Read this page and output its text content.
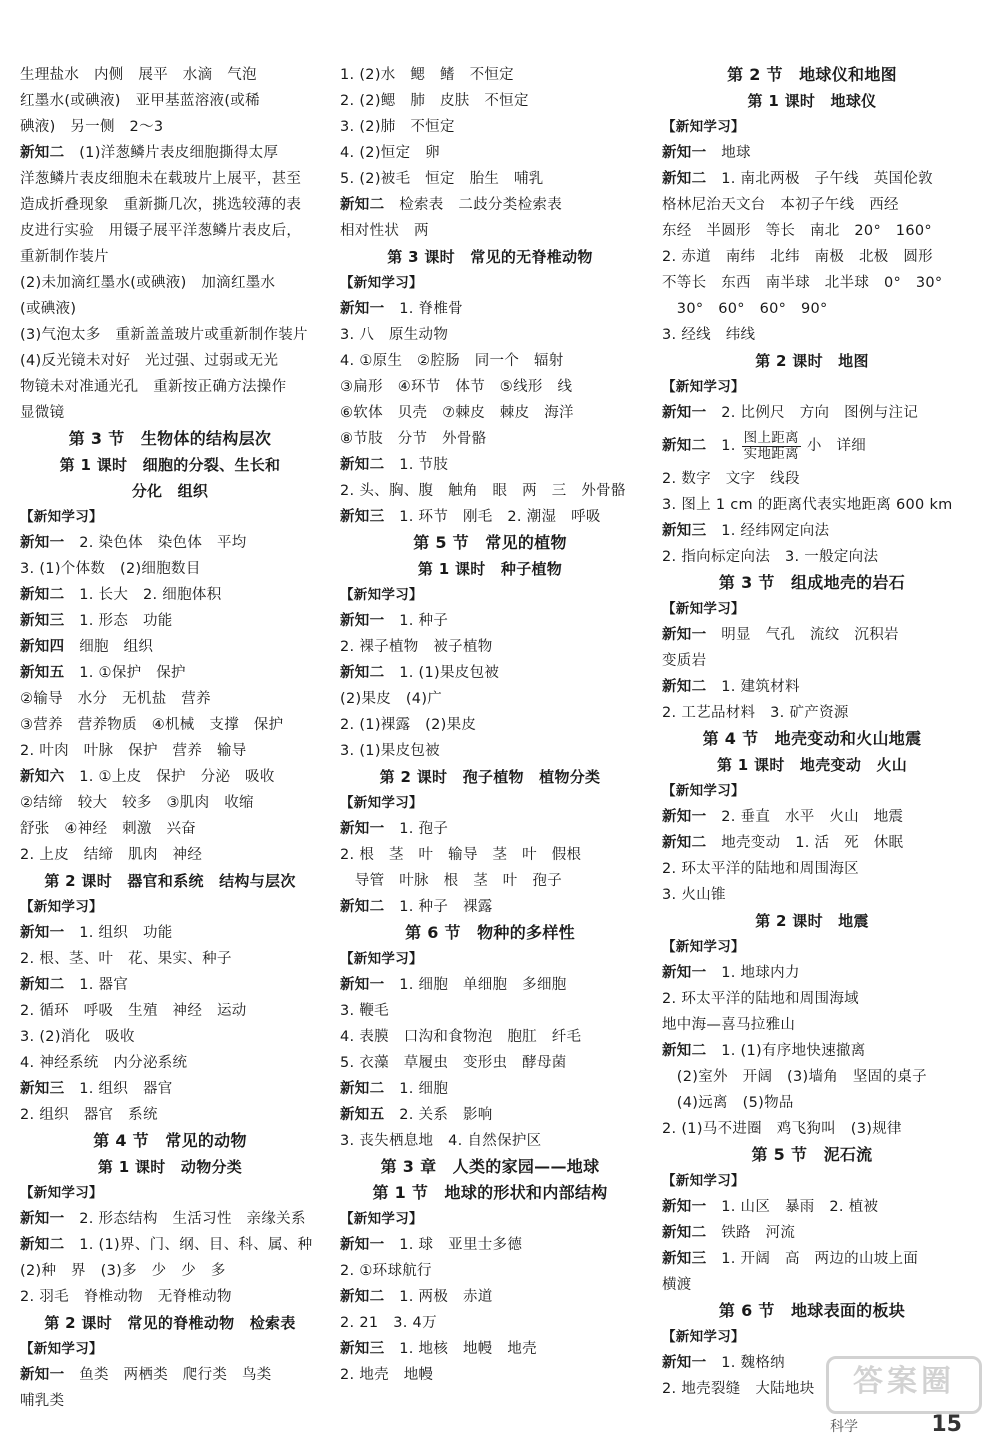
生理盐水　内侧　展平　水滴　气泡
红墨水(或碘液)　亚甲基蓝溶液(或稀
碘液)　另一侧　2～3
新知二　(1)洋葱鳞片表皮细胞撕得太厚
洋葱鳞片表皮细胞未在载玻片上展平，甚至
造成折叠现象　重新撕几次，挑选较薄的表
皮进行实验　用镊子展平洋葱鳞片表皮后，
重新制作装片
(2)未加滴红墨水(或碘液)　加滴红墨水
(或碘液)
(3)气泡太多　重新盖盖玻片或重新制作装片
(4)反光镜未对好　光过强、过弱或无光
物镜未对准通光孔　重新按正确方法操作
显微镜
第 3 节　生物体的结构层次
第 1 课时　细胞的分裂、生长和
分化　组织
【新知学习】
新知一　2. 染色体　染色体　平均
3. (1)个体数　(2)细胞数目
新知二　1. 长大　2. 细胞体积
新知三　1. 形态　功能
新知四　细胞　组织
新知五　1. ①保护　保护
②输导　水分　无机盐　营养
③营养　营养物质　④机械　支撑　保护
2. 叶肉　叶脉　保护　营养　输导
新知六　1. ①上皮　保护　分泌　吸收
②结缔　较大　较多　③肌肉　收缩
舒张　④神经　刺激　兴奋
2. 上皮　结缔　肌肉　神经
第 2 课时　器官和系统　结构与层次
【新知学习】
新知一　1. 组织　功能
2. 根、茎、叶　花、果实、种子
新知二　1. 器官
2. 循环　呼吸　生殖　神经　运动
3. (2)消化　吸收
4. 神经系统　内分泌系统
新知三　1. 组织　器官
2. 组织　器官　系统
第 4 节　常见的动物
第 1 课时　动物分类
【新知学习】
新知一　2. 形态结构　生活习性　亲缘关系
新知二　1. (1)界、门、纲、目、科、属、种
(2)种　界　(3)多　少　少　多
2. 羽毛　脊椎动物　无脊椎动物
第 2 课时　常见的脊椎动物　检索表
【新知学习】
新知一　鱼类　两栖类　爬行类　鸟类
哺乳类
1. (2)水　鳃　鳍　不恒定
2. (2)鳃　肺　皮肤　不恒定
3. (2)肺　不恒定
4. (2)恒定　卵
5. (2)被毛　恒定　胎生　哺乳
新知二　检索表　二歧分类检索表
相对性状　两
第 3 课时　常见的无脊椎动物
【新知学习】
新知一　1. 脊椎骨
3. 八　原生动物
4. ①原生　②腔肠　同一个　辐射
③扁形　④环节　体节　⑤线形　线
⑥软体　贝壳　⑦棘皮　棘皮　海洋
⑧节肢　分节　外骨骼
新知二　1. 节肢
2. 头、胸、腹　触角　眼　两　三　外骨骼
新知三　1. 环节　刚毛　2. 潮湿　呼吸
第 5 节　常见的植物
第 1 课时　种子植物
【新知学习】
新知一　1. 种子
2. 裸子植物　被子植物
新知二　1. (1)果皮包被
(2)果皮　(4)广
2. (1)裸露　(2)果皮
3. (1)果皮包被
第 2 课时　孢子植物　植物分类
【新知学习】
新知一　1. 孢子
2. 根　茎　叶　输导　茎　叶　假根
　导管　叶脉　根　茎　叶　孢子
新知二　1. 种子　裸露
第 6 节　物种的多样性
【新知学习】
新知一　1. 细胞　单细胞　多细胞
3. 鞭毛
4. 表膜　口沟和食物泡　胞肛　纤毛
5. 衣藻　草履虫　变形虫　酵母菌
新知二　1. 细胞
新知五　2. 关系　影响
3. 丧失栖息地　4. 自然保护区
第 3 章　人类的家园——地球
第 1 节　地球的形状和内部结构
【新知学习】
新知一　1. 球　亚里士多德
2. ①环球航行
新知二　1. 两极　赤道
2. 21　3. 4万
新知三　1. 地核　地幔　地壳
2. 地壳　地幔
第 2 节　地球仪和地图
第 1 课时　地球仪
【新知学习】
新知一　地球
新知二　1. 南北两极　子午线　英国伦敦
格林尼治天文台　本初子午线　西经
东经　半圆形　等长　南北　20°　160°
2. 赤道　南纬　北纬　南极　北极　圆形
不等长　东西　南半球　北半球　0°　30°
　30°　60°　60°　90°
3. 经线　纬线
第 2 课时　地图
【新知学习】
新知一　2. 比例尺　方向　图例与注记
新知二　1. $\frac{\text{图上距离}}{\text{实地距离}}$ 小　详细
2. 数字　文字　线段
3. 图上 1 cm 的距离代表实地距离 600 km
新知三　1. 经纬网定向法
2. 指向标定向法　3. 一般定向法
第 3 节　组成地壳的岩石
【新知学习】
新知一　明显　气孔　流纹　沉积岩
变质岩
新知二　1. 建筑材料
2. 工艺品材料　3. 矿产资源
第 4 节　地壳变动和火山地震
第 1 课时　地壳变动　火山
【新知学习】
新知一　2. 垂直　水平　火山　地震
新知二　地壳变动　1. 活　死　休眠
2. 环太平洋的陆地和周围海区
3. 火山锥
第 2 课时　地震
【新知学习】
新知一　1. 地球内力
2. 环太平洋的陆地和周围海域
地中海—喜马拉雅山
新知二　1. (1)有序地快速撤离
　(2)室外　开阔　(3)墙角　坚固的桌子
　(4)远离　(5)物品
2. (1)马不进圈　鸡飞狗叫　(3)规律
第 5 节　泥石流
【新知学习】
新知一　1. 山区　暴雨　2. 植被
新知二　铁路　河流
新知三　1. 开阔　高　两边的山坡上面
横渡
第 6 节　地球表面的板块
【新知学习】
新知一　1. 魏格纳
2. 地壳裂缝　大陆地块	答案圈
科学	15
